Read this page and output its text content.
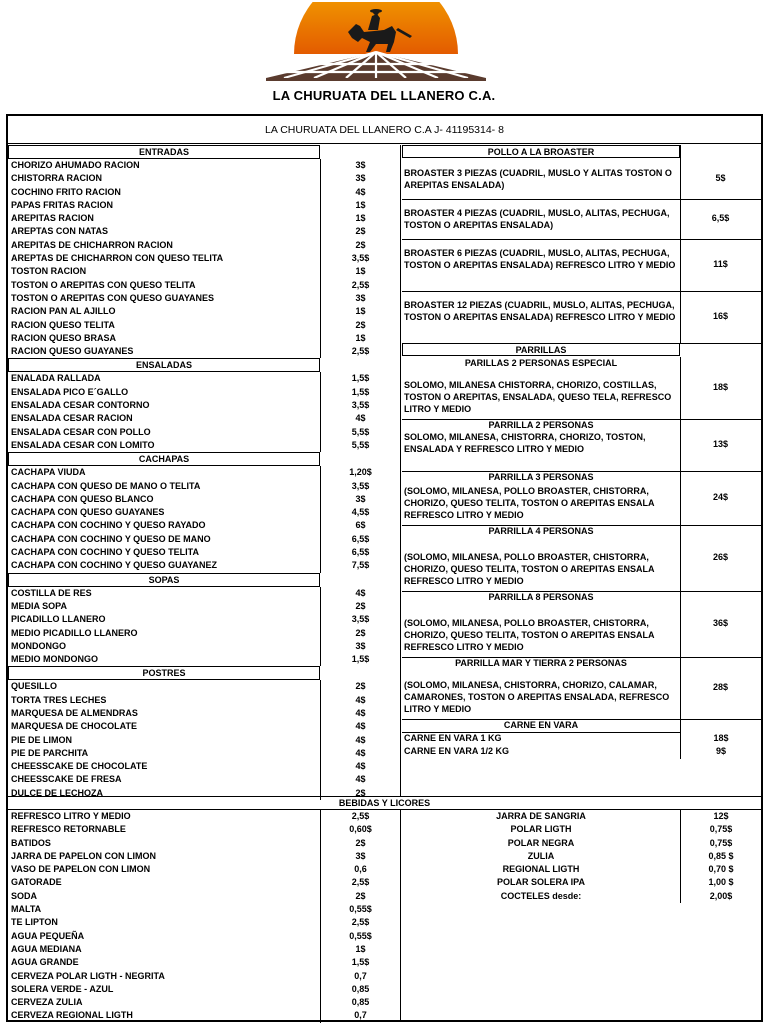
LA CHURUATA DEL LLANERO C.A.
LA CHURUATA DEL LLANERO C.A J- 41195314- 8
ENTRADAS
CHORIZO AHUMADO RACION	3$
CHISTORRA RACION	3$
COCHINO FRITO RACION	4$
PAPAS FRITAS RACION	1$
AREPITAS RACION	1$
AREPTAS CON NATAS	2$
AREPITAS DE CHICHARRON RACION	2$
AREPTAS DE CHICHARRON CON QUESO TELITA	3,5$
TOSTON RACION	1$
TOSTON O AREPITAS CON QUESO TELITA	2,5$
TOSTON O AREPITAS CON QUESO GUAYANES	3$
RACION PAN AL AJILLO	1$
RACION QUESO TELITA	2$
RACION QUESO BRASA	1$
RACION QUESO GUAYANES	2,5$
ENSALADAS
ENALADA RALLADA	1,5$
ENSALADA PICO E´GALLO	1,5$
ENSALADA CESAR CONTORNO	3,5$
ENSALADA CESAR RACION	4$
ENSALADA CESAR CON POLLO	5,5$
ENSALADA CESAR CON LOMITO	5,5$
CACHAPAS
CACHAPA VIUDA	1,20$
CACHAPA CON QUESO DE MANO O TELITA	3,5$
CACHAPA CON QUESO BLANCO	3$
CACHAPA CON QUESO GUAYANES	4,5$
CACHAPA CON COCHINO Y QUESO RAYADO	6$
CACHAPA CON COCHINO Y QUESO DE MANO	6,5$
CACHAPA CON COCHINO Y QUESO TELITA	6,5$
CACHAPA CON COCHINO Y QUESO GUAYANEZ	7,5$
SOPAS
COSTILLA DE RES	4$
MEDIA SOPA	2$
PICADILLO LLANERO	3,5$
MEDIO PICADILLO LLANERO	2$
MONDONGO	3$
MEDIO MONDONGO	1,5$
POSTRES
QUESILLO	2$
TORTA TRES LECHES	4$
MARQUESA DE ALMENDRAS	4$
MARQUESA DE CHOCOLATE	4$
PIE DE LIMON	4$
PIE DE PARCHITA	4$
CHEESSCAKE DE CHOCOLATE	4$
CHEESSCAKE DE FRESA	4$
DULCE DE LECHOZA	2$
BEBIDAS Y LICORES
REFRESCO LITRO Y MEDIO	2,5$
REFRESCO RETORNABLE	0,60$
BATIDOS	2$
JARRA DE PAPELON CON LIMON	3$
VASO DE PAPELON CON LIMON	0,6
GATORADE	2,5$
SODA	2$
MALTA	0,55$
TE LIPTON	2,5$
AGUA PEQUEÑA	0,55$
AGUA MEDIANA	1$
AGUA GRANDE	1,5$
CERVEZA POLAR LIGTH - NEGRITA	0,7
SOLERA VERDE - AZUL	0,85
CERVEZA ZULIA	0,85
CERVEZA REGIONAL LIGTH	0,7
JARRA DE SANGRIA	12$
POLAR LIGTH	0,75$
POLAR NEGRA	0,75$
ZULIA	0,85 $
REGIONAL LIGTH	0,70 $
POLAR SOLERA IPA	1,00 $
COCTELES desde:	2,00$
POLLO A LA BROASTER
BROASTER 3 PIEZAS (CUADRIL, MUSLO Y ALITAS TOSTON O AREPITAS ENSALADA)
5$
BROASTER 4 PIEZAS (CUADRIL, MUSLO, ALITAS, PECHUGA, TOSTON O AREPITAS ENSALADA)
6,5$
BROASTER 6 PIEZAS (CUADRIL, MUSLO, ALITAS, PECHUGA, TOSTON O AREPITAS ENSALADA) REFRESCO LITRO Y MEDIO	11$
BROASTER 12 PIEZAS (CUADRIL, MUSLO, ALITAS, PECHUGA, TOSTON O AREPITAS ENSALADA) REFRESCO LITRO Y MEDIO	16$
PARRILLAS
PARILLAS 2 PERSONAS ESPECIAL
SOLOMO, MILANESA CHISTORRA, CHORIZO, COSTILLAS, TOSTON O AREPITAS, ENSALADA, QUESO TELA, REFRESCO LITRO Y MEDIO
18$
PARRILLA 2 PERSONAS
SOLOMO, MILANESA, CHISTORRA, CHORIZO, TOSTON, ENSALADA Y REFRESCO LITRO Y MEDIO	13$
PARRILLA 3 PERSONAS
(SOLOMO, MILANESA, POLLO BROASTER, CHISTORRA, CHORIZO, QUESO TELITA, TOSTON O AREPITAS ENSALA REFRESCO LITRO Y MEDIO
24$
PARRILLA 4 PERSONAS
(SOLOMO, MILANESA, POLLO BROASTER, CHISTORRA, CHORIZO, QUESO TELITA, TOSTON O AREPITAS ENSALA REFRESCO LITRO Y MEDIO
26$
PARRILLA 8 PERSONAS
(SOLOMO, MILANESA, POLLO BROASTER, CHISTORRA, CHORIZO, QUESO TELITA, TOSTON O AREPITAS ENSALA REFRESCO LITRO Y MEDIO
36$
PARRILLA MAR Y TIERRA 2 PERSONAS
(SOLOMO, MILANESA, CHISTORRA, CHORIZO, CALAMAR, CAMARONES, TOSTON O AREPITAS ENSALADA, REFRESCO LITRO Y MEDIO
28$
CARNE EN VARA
CARNE EN VARA 1 KG	18$
CARNE EN VARA 1/2 KG	9$
